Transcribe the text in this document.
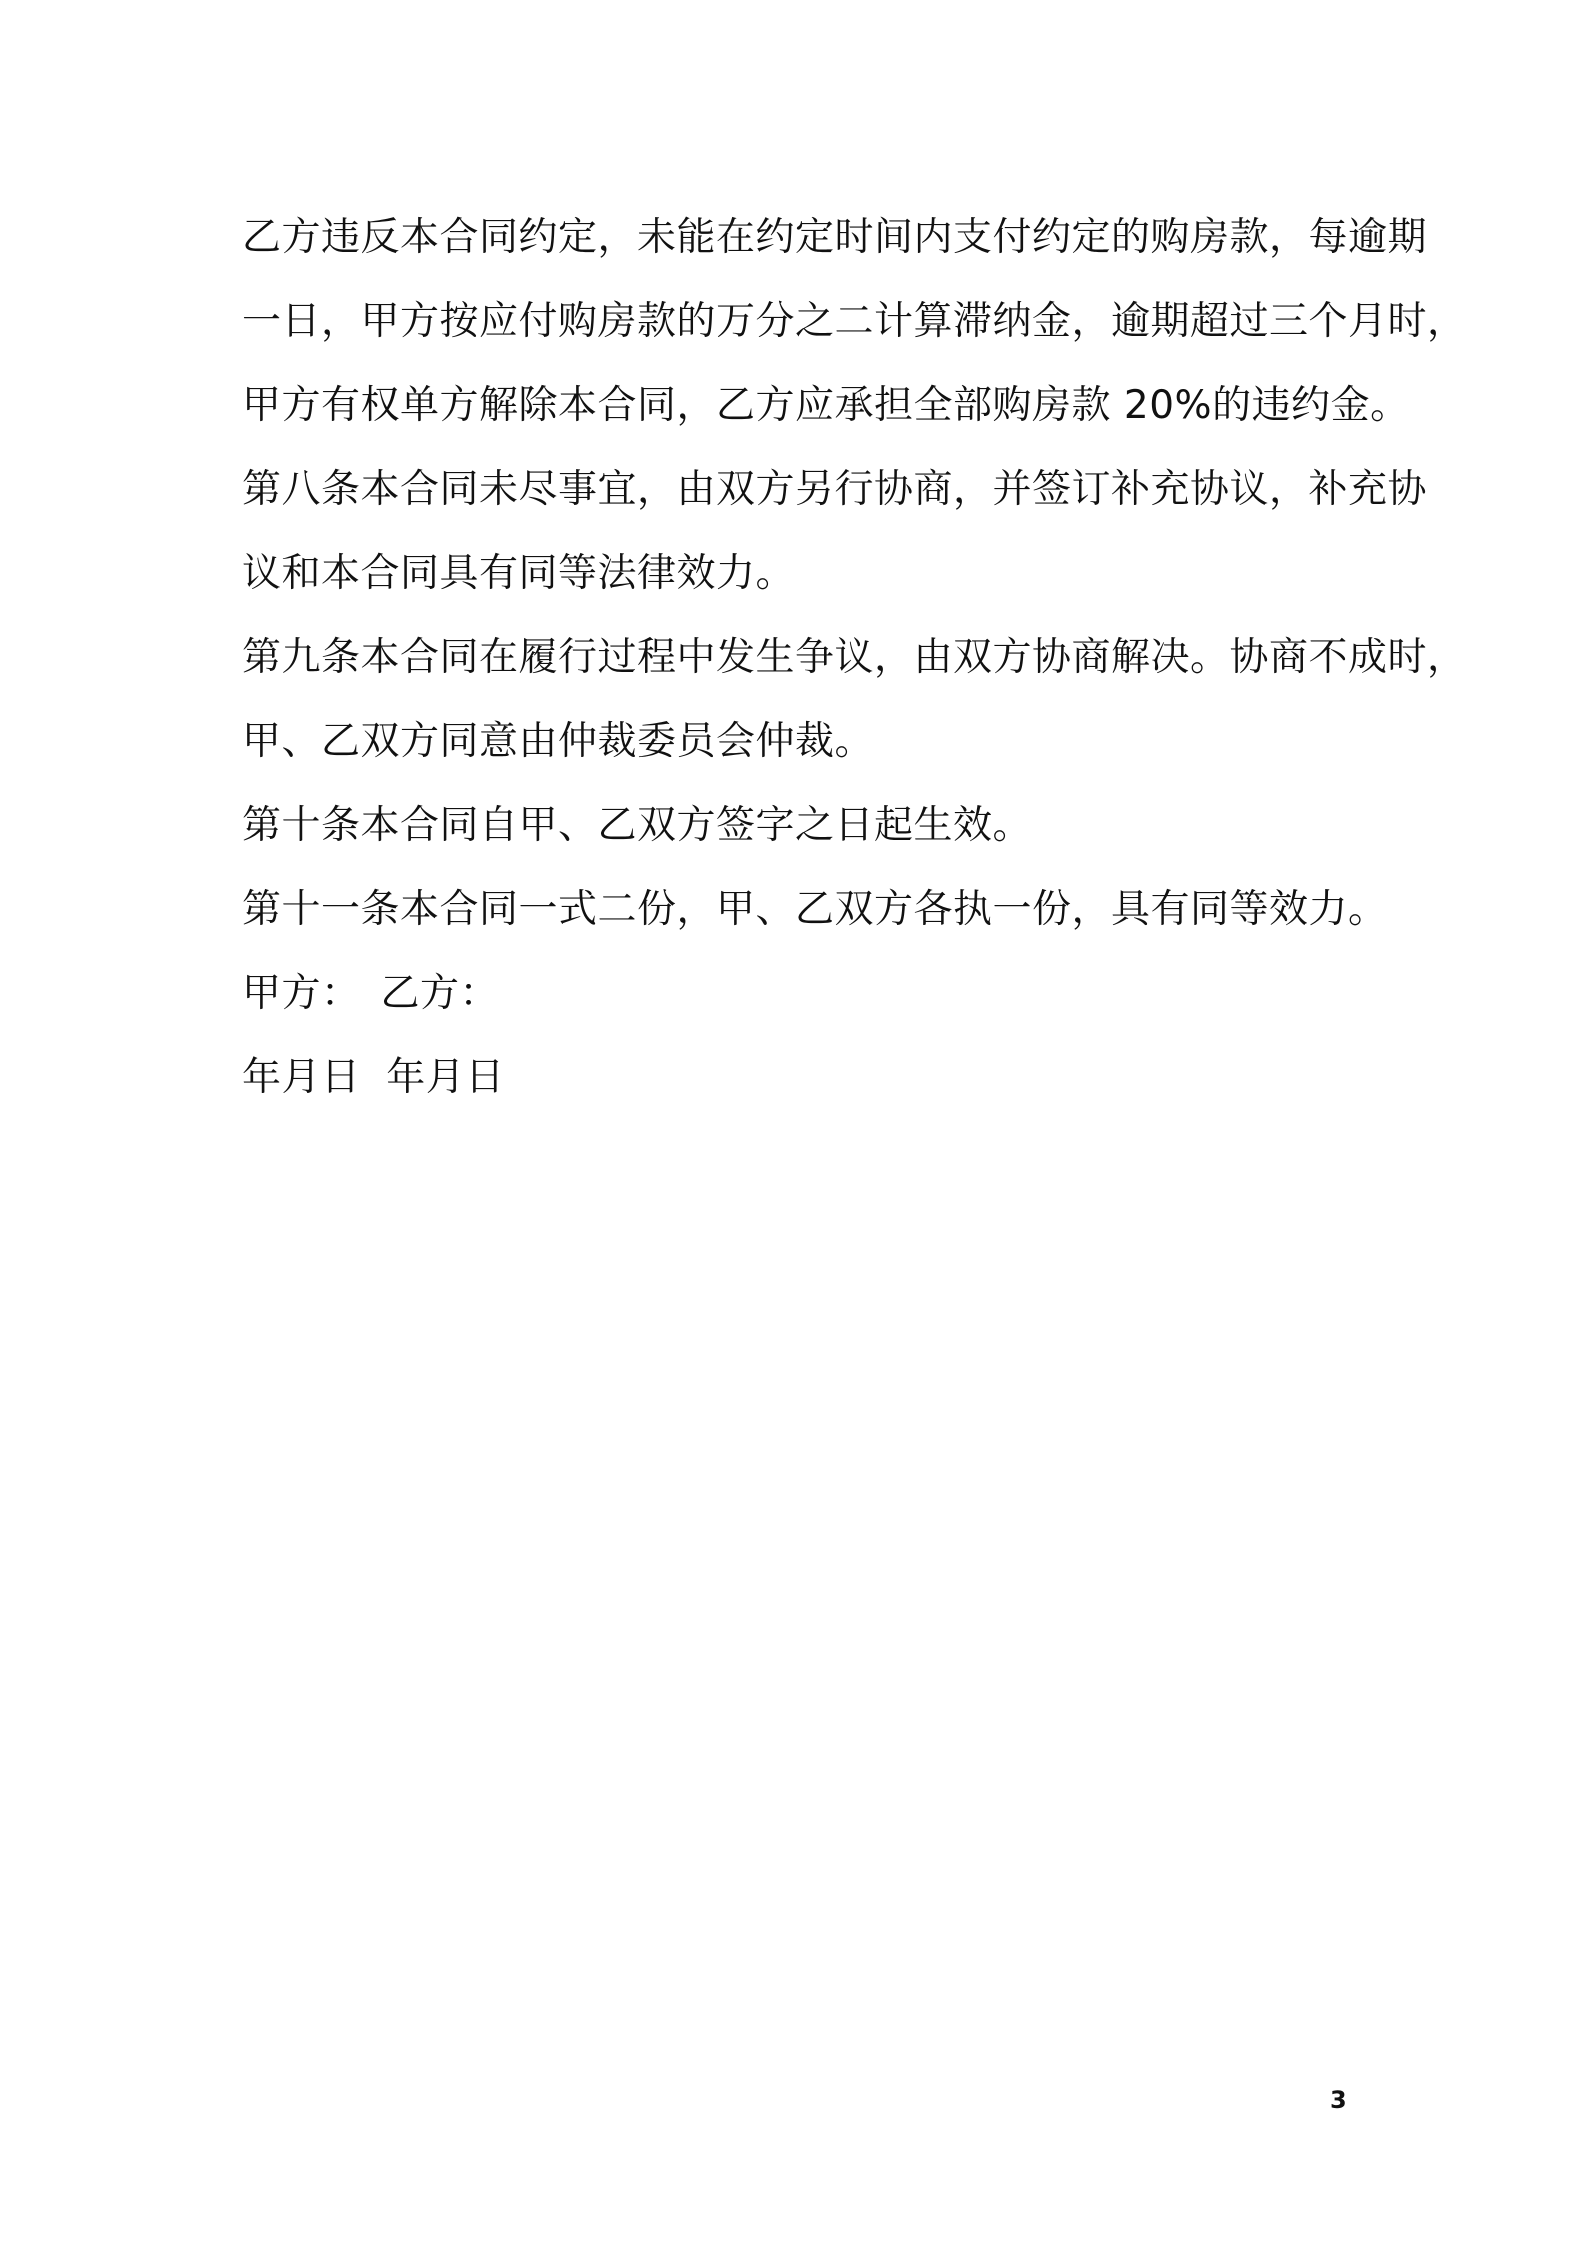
乙方违反本合同约定，未能在约定时间内支付约定的购房款，每逾期

一日，甲方按应付购房款的万分之二计算滞纳金，逾期超过三个月时，

甲方有权单方解除本合同，乙方应承担全部购房款 20%的违约金。

第八条本合同未尽事宜，由双方另行协商，并签订补充协议，补充协

议和本合同具有同等法律效力。

第九条本合同在履行过程中发生争议，由双方协商解决。协商不成时，

甲、乙双方同意由仲裁委员会仲裁。

第十条本合同自甲、乙双方签字之日起生效。

第十一条本合同一式二份，甲、乙双方各执一份，具有同等效力。

甲方：　乙方：

年月日  年月日

3
